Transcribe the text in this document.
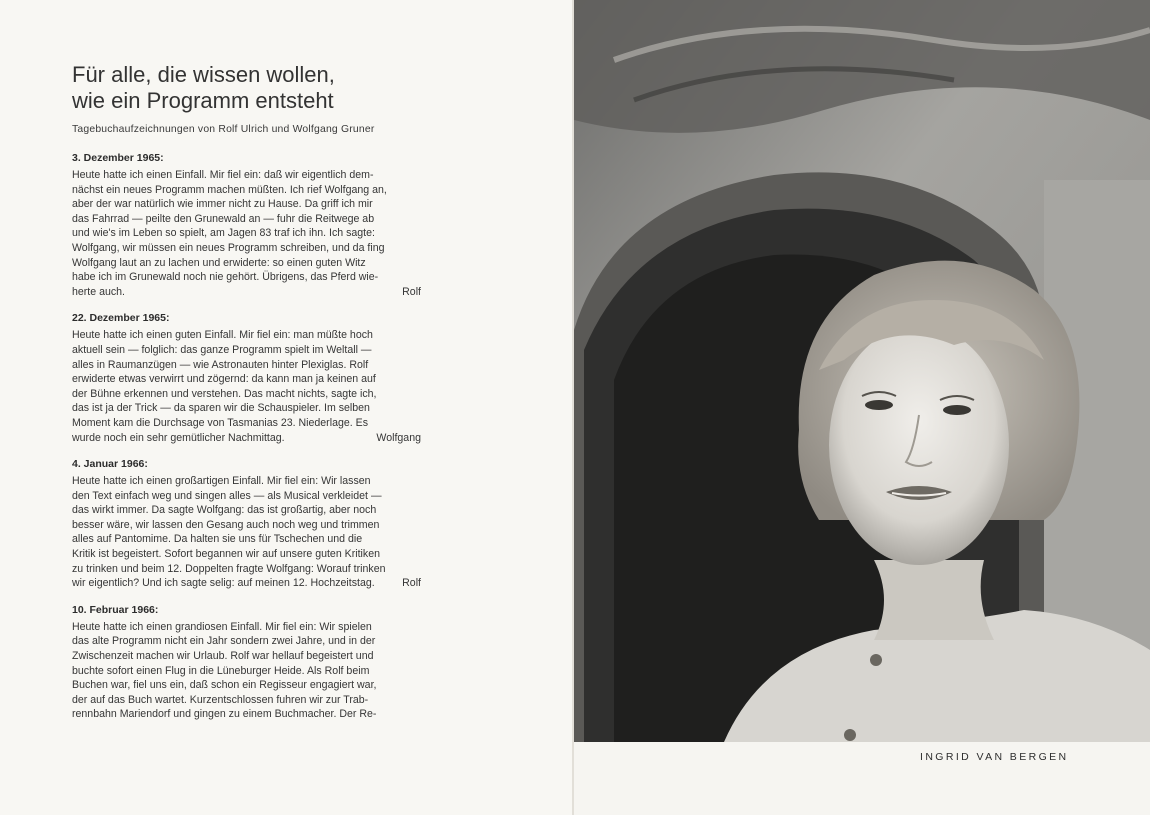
Für alle, die wissen wollen,
wie ein Programm entsteht
Tagebuchaufzeichnungen von Rolf Ulrich und Wolfgang Gruner
3. Dezember 1965:
Heute hatte ich einen Einfall. Mir fiel ein: daß wir eigentlich dem-
nächst ein neues Programm machen müßten. Ich rief Wolfgang an,
aber der war natürlich wie immer nicht zu Hause. Da griff ich mir
das Fahrrad — peilte den Grunewald an — fuhr die Reitwege ab
und wie's im Leben so spielt, am Jagen 83 traf ich ihn. Ich sagte:
Wolfgang, wir müssen ein neues Programm schreiben, und da fing
Wolfgang laut an zu lachen und erwiderte: so einen guten Witz
habe ich im Grunewald noch nie gehört. Übrigens, das Pferd wie-
herte auch.	Rolf
22. Dezember 1965:
Heute hatte ich einen guten Einfall. Mir fiel ein: man müßte hoch
aktuell sein — folglich: das ganze Programm spielt im Weltall —
alles in Raumanzügen — wie Astronauten hinter Plexiglas. Rolf
erwiderte etwas verwirrt und zögernd: da kann man ja keinen auf
der Bühne erkennen und verstehen. Das macht nichts, sagte ich,
das ist ja der Trick — da sparen wir die Schauspieler. Im selben
Moment kam die Durchsage von Tasmanias 23. Niederlage. Es
wurde noch ein sehr gemütlicher Nachmittag.	Wolfgang
4. Januar 1966:
Heute hatte ich einen großartigen Einfall. Mir fiel ein: Wir lassen
den Text einfach weg und singen alles — als Musical verkleidet —
das wirkt immer. Da sagte Wolfgang: das ist großartig, aber noch
besser wäre, wir lassen den Gesang auch noch weg und trimmen
alles auf Pantomime. Da halten sie uns für Tschechen und die
Kritik ist begeistert. Sofort begannen wir auf unsere guten Kritiken
zu trinken und beim 12. Doppelten fragte Wolfgang: Worauf trinken
wir eigentlich? Und ich sagte selig: auf meinen 12. Hochzeitstag.	Rolf
10. Februar 1966:
Heute hatte ich einen grandiosen Einfall. Mir fiel ein: Wir spielen
das alte Programm nicht ein Jahr sondern zwei Jahre, und in der
Zwischenzeit machen wir Urlaub. Rolf war hellauf begeistert und
buchte sofort einen Flug in die Lüneburger Heide. Als Rolf beim
Buchen war, fiel uns ein, daß schon ein Regisseur engagiert war,
der auf das Buch wartet. Kurzentschlossen fuhren wir zur Trab-
rennbahn Mariendorf und gingen zu einem Buchmacher. Der Re-
INGRID VAN BERGEN
